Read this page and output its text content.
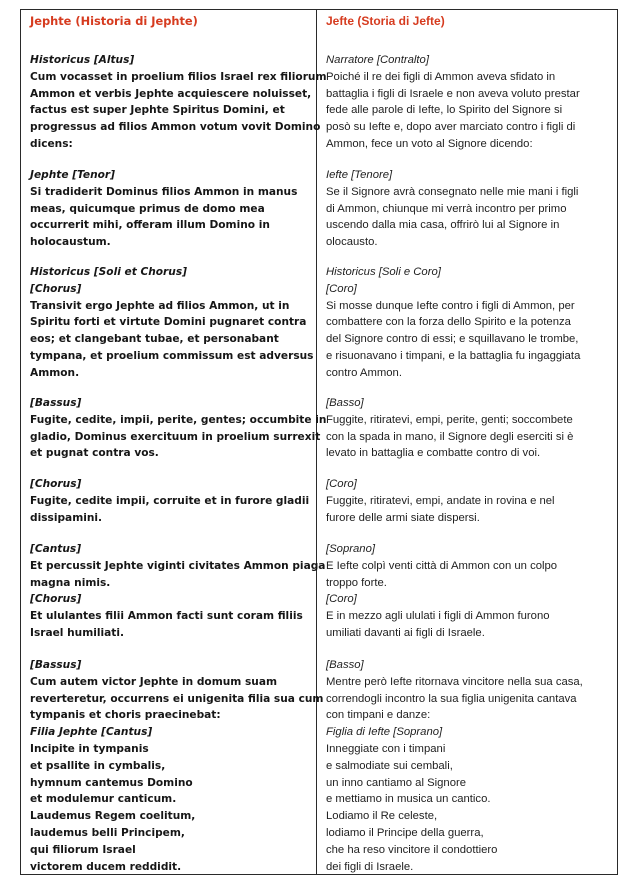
Jephte (Historia di Jephte)
Historicus [Altus]
Cum vocasset in proelium filios Israel rex filiorum
Ammon et verbis Jephte acquiescere noluisset,
factus est super Jephte Spiritus Domini, et
progressus ad filios Ammon votum vovit Domino
dicens:
Jephte [Tenor]
Si tradiderit Dominus filios Ammon in manus
meas, quicumque primus de domo mea
occurrerit mihi, offeram illum Domino in
holocaustum.
Historicus [Soli et Chorus]
[Chorus]
Transivit ergo Jephte ad filios Ammon, ut in
Spiritu forti et virtute Domini pugnaret contra
eos; et clangebant tubae, et personabant
tympana, et proelium commissum est adversus
Ammon.
[Bassus]
Fugite, cedite, impii, perite, gentes; occumbite in
gladio, Dominus exercituum in proelium surrexit
et pugnat contra vos.
[Chorus]
Fugite, cedite impii, corruite et in furore gladii
dissipamini.
[Cantus]
Et percussit Jephte viginti civitates Ammon piaga
magna nimis.
[Chorus]
Et ululantes filii Ammon facti sunt coram filiis
Israel humiliati.
[Bassus]
Cum autem victor Jephte in domum suam
reverteretur, occurrens ei unigenita filia sua cum
tympanis et choris praecinebat:
Filia Jephte [Cantus]
Incipite in tympanis
et psallite in cymbalis,
hymnum cantemus Domino
et modulemur canticum.
Laudemus Regem coelitum,
laudemus belli Principem,
qui filiorum Israel
victorem ducem reddidit.
Jefte (Storia di Jefte)
Narratore [Contralto]
Poiché il re dei figli di Ammon aveva sfidato in
battaglia i figli di Israele e non aveva voluto prestar
fede alle parole di Iefte, lo Spirito del Signore si
posò su Iefte e, dopo aver marciato contro i figli di
Ammon, fece un voto al Signore dicendo:
Iefte [Tenore]
Se il Signore avrà consegnato nelle mie mani i figli
di Ammon, chiunque mi verrà incontro per primo
uscendo dalla mia casa, offrirò lui al Signore in
olocausto.
Historicus [Soli e Coro]
[Coro]
Si mosse dunque Iefte contro i figli di Ammon, per
combattere con la forza dello Spirito e la potenza
del Signore contro di essi; e squillavano le trombe,
e risuonavano i timpani, e la battaglia fu ingaggiata
contro Ammon.
[Basso]
Fuggite, ritiratevi, empi, perite, genti; soccombete
con la spada in mano, il Signore degli eserciti si è
levato in battaglia e combatte contro di voi.
[Coro]
Fuggite, ritiratevi, empi, andate in rovina e nel
furore delle armi siate dispersi.
[Soprano]
E Iefte colpì venti città di Ammon con un colpo
troppo forte.
[Coro]
E in mezzo agli ululati i figli di Ammon furono
umiliati davanti ai figli di Israele.
[Basso]
Mentre però Iefte ritornava vincitore nella sua casa,
correndogli incontro la sua figlia unigenita cantava
con timpani e danze:
Figlia di Iefte [Soprano]
Inneggiate con i timpani
e salmodiate sui cembali,
un inno cantiamo al Signore
e mettiamo in musica un cantico.
Lodiamo il Re celeste,
lodiamo il Principe della guerra,
che ha reso vincitore il condottiero
dei figli di Israele.
